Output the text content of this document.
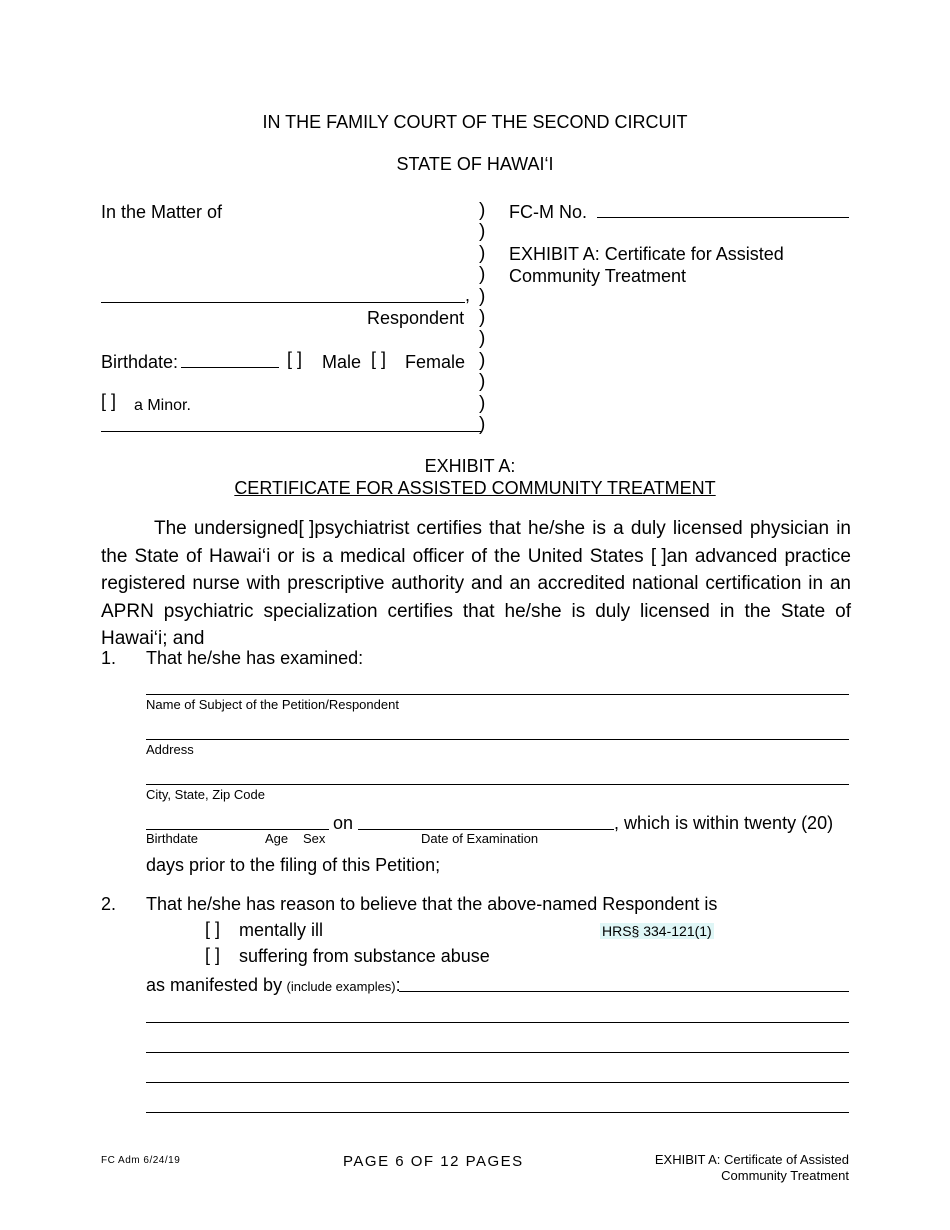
IN THE FAMILY COURT OF THE SECOND CIRCUIT
STATE OF HAWAI‘I
In the Matter of
,
Respondent
Birthdate:	[ ] Male [ ] Female
[ ] a Minor.
)
)
)
)
)
)
)
)
)
)
)
FC-M No.
EXHIBIT A: Certificate for Assisted
Community Treatment
EXHIBIT A:
CERTIFICATE FOR ASSISTED COMMUNITY TREATMENT
The undersigned[ ]psychiatrist certifies that he/she is a duly licensed physician in the State of Hawai‘i or is a medical officer of the United States [ ]an advanced practice registered nurse with prescriptive authority and an accredited national certification in an APRN psychiatric specialization certifies that he/she is duly licensed in the State of Hawai‘i; and
1. That he/she has examined:
Name of Subject of the Petition/Respondent
Address
City, State, Zip Code
on	, which is within twenty (20)
Birthdate	Age Sex	Date of Examination
days prior to the filing of this Petition;
2. That he/she has reason to believe that the above-named Respondent is
[ ] mentally ill	HRS§ 334-121(1)
[ ] suffering from substance abuse
as manifested by (include examples):
FC Adm 6/24/19	PAGE 6 OF 12 PAGES	EXHIBIT A: Certificate of Assisted
Community Treatment
